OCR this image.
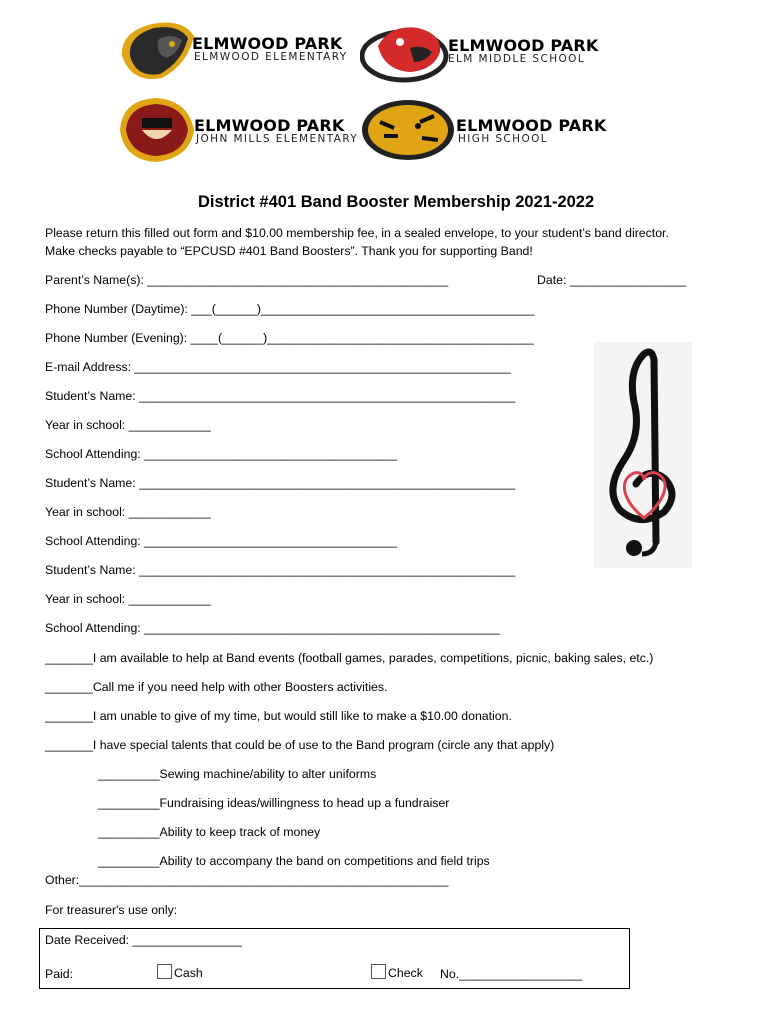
ELMWOOD PARK
ELMWOOD ELEMENTARY
ELMWOOD PARK
ELM MIDDLE SCHOOL
ELMWOOD PARK
JOHN MILLS ELEMENTARY
ELMWOOD PARK
HIGH SCHOOL
District #401 Band Booster Membership 2021-2022
Please return this filled out form and $10.00 membership fee, in a sealed envelope, to your student’s band director.
Make checks payable to “EPCUSD #401 Band Boosters”. Thank you for supporting Band!
Parent’s Name(s): ____________________________________________	Date: _________________
Phone Number (Daytime): ___(______)________________________________________
Phone Number (Evening): ____(______)_______________________________________
E-mail Address: _______________________________________________________
Student’s Name: _______________________________________________________
Year in school: ____________
School Attending: _____________________________________
Student’s Name: _______________________________________________________
Year in school: ____________
School Attending: _____________________________________
Student’s Name: _______________________________________________________
Year in school: ____________
School Attending: ____________________________________________________
_______I am available to help at Band events (football games, parades, competitions, picnic, baking sales, etc.)
_______Call me if you need help with other Boosters activities.
_______I am unable to give of my time, but would still like to make a $10.00 donation.
_______I have special talents that could be of use to the Band program (circle any that apply)
_________Sewing machine/ability to alter uniforms
_________Fundraising ideas/willingness to head up a fundraiser
_________Ability to keep track of money
_________Ability to accompany the band on competitions and field trips
Other:______________________________________________________
For treasurer's use only:
Date Received: ________________
Paid:	Cash	Check No.__________________
